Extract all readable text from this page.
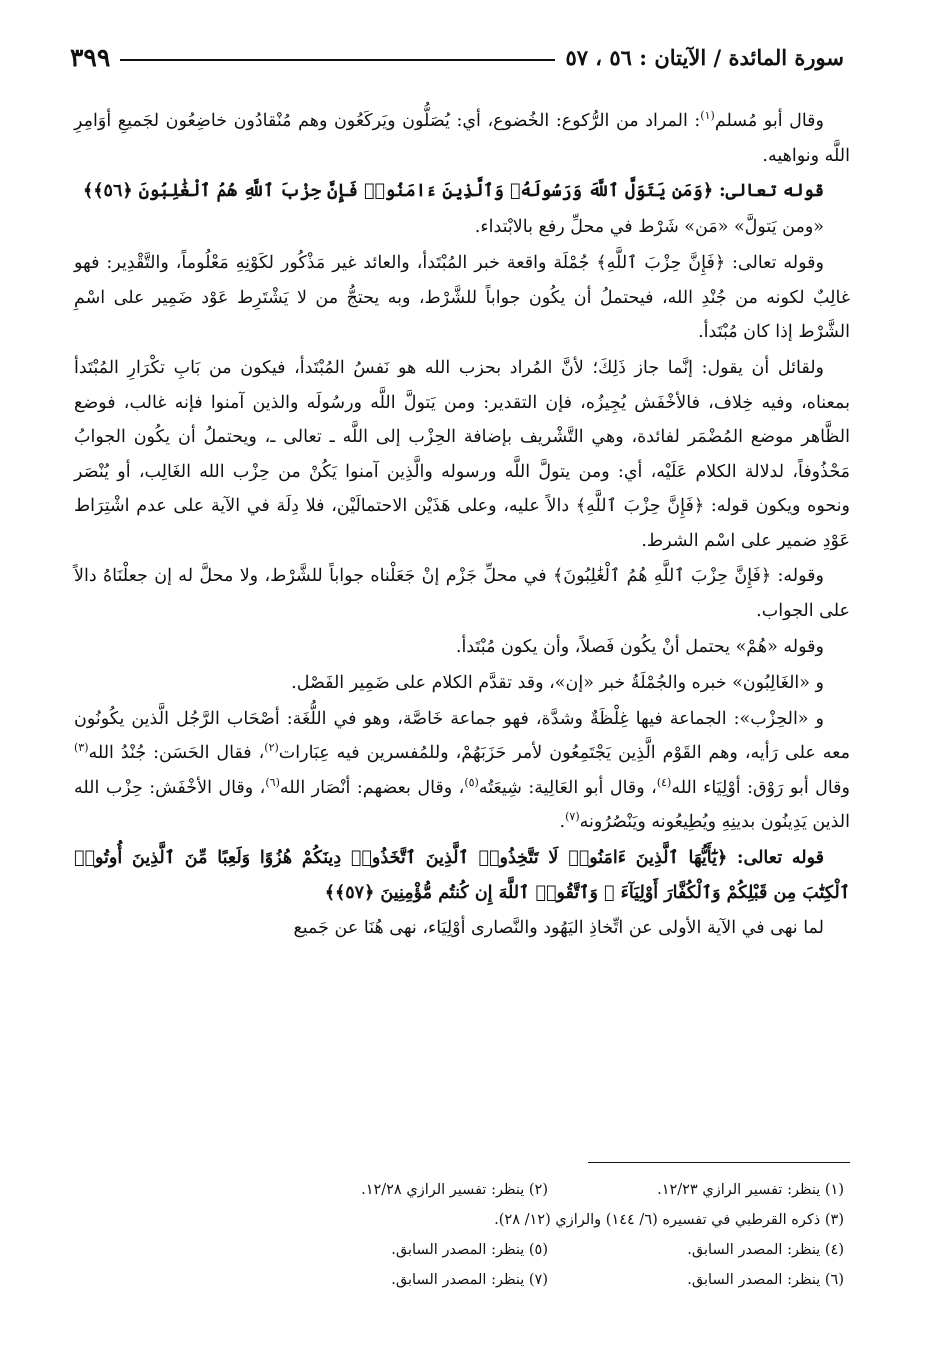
سورة المائدة / الآيتان : ٥٦ ، ٥٧
٣٩٩

وقال أبو مُسلم$^{(١)}$: المراد من الرُّكوع: الخُضوع، أي: يُصَلُّون ويَركَعُون وهم مُنْقادُون خاضِعُون لجَميعِ أوَامِرِ اللَّه ونواهيه.

قوله تعالى: ﴿وَمَن يَتَوَلَّ ٱللَّهَ وَرَسُولَهُۥ وَٱلَّذِينَ ءَامَنُوا۟ فَإِنَّ حِزْبَ ٱللَّهِ هُمُ ٱلْغَٰلِبُونَ ﴿٥٦﴾﴾

«ومن يَتولَّ» «مَن» شَرْط في محلِّ رفع بالابْتداء.

وقوله تعالى: ﴿فَإِنَّ حِزْبَ ٱللَّهِ﴾ جُمْلَة واقعة خبر المُبْتَدأ، والعائد غير مَذْكُور لكَوْنِهِ مَعْلُوماً، والتَّقْدِير: فهو غالِبٌ لكونه من جُنْدِ الله، فيحتملُ أن يكُون جواباً للشَّرْط، وبه يحتجُّ من لا يَشْتَرِط عَوْد ضَمِير على اسْمِ الشَّرْط إذا كان مُبْتَدأ.

ولقائل أن يقول: إنَّما جاز ذَلِكَ؛ لأنَّ المُراد بحزب الله هو نَفسُ المُبْتَدأ، فيكون من بَابِ تكْرَارِ المُبْتَدأ بمعناه، وفيه خِلاف، فالأخْفَش يُجِيزُه، فإن التقدير: ومن يَتولَّ اللَّه ورسُولَه والذين آمنوا فإنه غالب، فوضع الظَّاهر موضع المُضْمَر لفائدة، وهي التَّشْريف بإضافة الحِزْب إلى اللَّه ـ تعالى ـ، ويحتملُ أن يكُون الجوابُ مَحْذُوفاً، لدلالة الكلام عَلَيْه، أي: ومن يتولَّ اللَّه ورسوله والَّذِين آمنوا يَكُنْ من حِزْب الله الغَالِب، أو يُنْصَر ونحوه ويكون قوله: ﴿فَإِنَّ حِزْبَ ٱللَّهِ﴾ دالاً عليه، وعلى هَذَيْن الاحتمالَيْن، فلا دِلَة في الآية على عدم اشْتِرَاط عَوْدِ ضمير على اسْم الشرط.

وقوله: ﴿فَإِنَّ حِزْبَ ٱللَّهِ هُمُ ٱلْغَٰلِبُونَ﴾ في محلِّ جَزْم إنْ جَعَلْناه جواباً للشَّرْط، ولا محلَّ له إن جعلْنَاهُ دالاً على الجواب.

وقوله «هُمْ» يحتمل أنْ يكُون فَصلاً، وأن يكون مُبْتَدأ.

و «الغَالِبُون» خبره والجُمْلَةُ خبر «إن»، وقد تقدَّم الكلام على ضَمِير الفَصْل.

و «الحِزْب»: الجماعة فيها غِلْظَةٌ وشدَّة، فهو جماعة خَاصَّة، وهو في اللُّغَة: أصْحَاب الرَّجُل الَّذين يكُونُون معه على رَأيه، وهم القَوْم الَّذِين يَجْتَمِعُون لأمر حَزَبَهُمْ، وللمُفسرين فيه عِبَارات$^{(٢)}$، فقال الحَسَن: جُنْدُ الله$^{(٣)}$ وقال أبو رَوْق: أوْلِيَاء الله$^{(٤)}$، وقال أبو العَالِية: شِيعَتُه$^{(٥)}$، وقال بعضهم: أنْصَار الله$^{(٦)}$، وقال الأخْفَش: حِزْب الله الذين يَدِينُون بدينِهِ ويُطِيعُونه ويَنْصُرُونه$^{(٧)}$.

قوله تعالى: ﴿يَٰٓأَيُّهَا ٱلَّذِينَ ءَامَنُوا۟ لَا تَتَّخِذُوا۟ ٱلَّذِينَ ٱتَّخَذُوا۟ دِينَكُمْ هُزُوًا وَلَعِبًا مِّنَ ٱلَّذِينَ أُوتُوا۟ ٱلْكِتَٰبَ مِن قَبْلِكُمْ وَٱلْكُفَّارَ أَوْلِيَآءَ ۚ وَٱتَّقُوا۟ ٱللَّهَ إِن كُنتُم مُّؤْمِنِينَ ﴿٥٧﴾﴾

لما نهى في الآية الأولى عن اتِّخاذِ اليَهُود والنَّصارى أوْلِيَاء، نهى هُنَا عن جَميع

(١) ينظر: تفسير الرازي ١٢/٢٣.
(٢) ينظر: تفسير الرازي ١٢/٢٨.
(٣) ذكره القرطبي في تفسيره (٦/ ١٤٤) والرازي (١٢/ ٢٨).
(٤) ينظر: المصدر السابق.
(٥) ينظر: المصدر السابق.
(٦) ينظر: المصدر السابق.
(٧) ينظر: المصدر السابق.
